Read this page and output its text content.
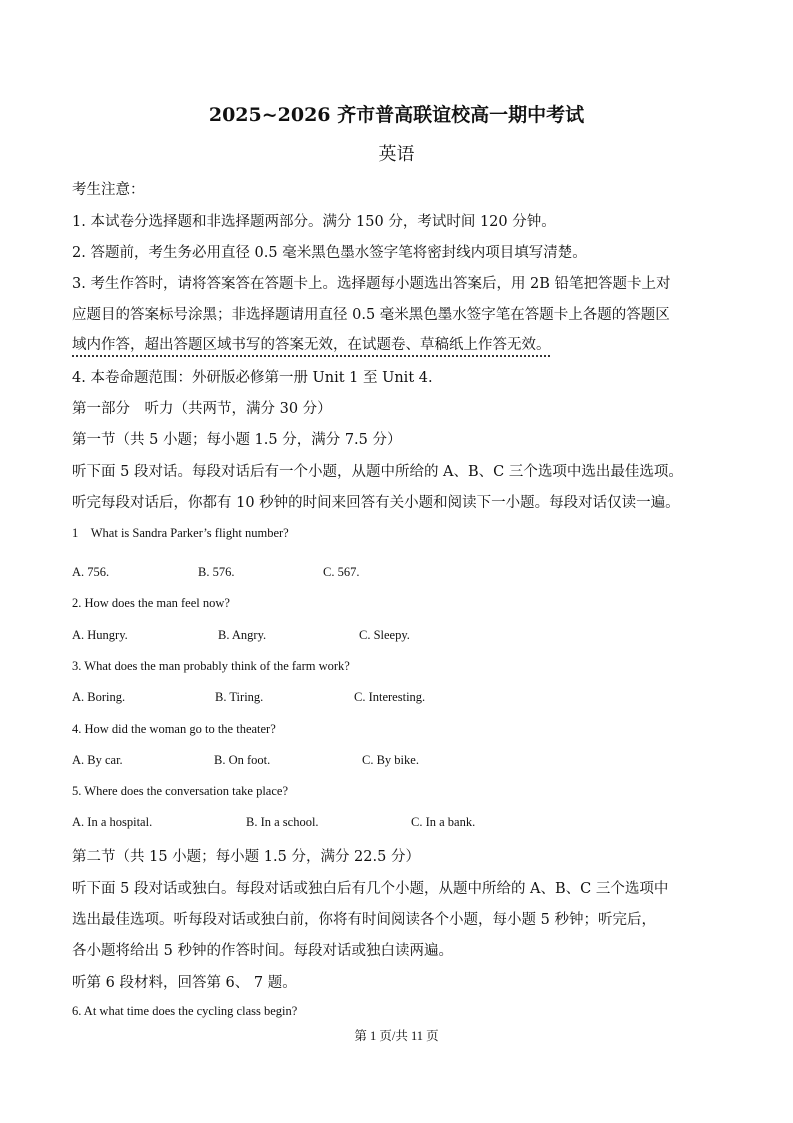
2025~2026 齐市普高联谊校高一期中考试
英语
考生注意：
1. 本试卷分选择题和非选择题两部分。满分 150 分，考试时间 120 分钟。
2. 答题前，考生务必用直径 0.5 毫米黑色墨水签字笔将密封线内项目填写清楚。
3. 考生作答时，请将答案答在答题卡上。选择题每小题选出答案后，用 2B 铅笔把答题卡上对
应题目的答案标号涂黑；非选择题请用直径 0.5 毫米黑色墨水签字笔在答题卡上各题的答题区
域内作答，超出答题区域书写的答案无效，在试题卷、草稿纸上作答无效。
4. 本卷命题范围：外研版必修第一册 Unit 1 至 Unit 4.
第一部分　听力（共两节，满分 30 分）
第一节（共 5 小题；每小题 1.5 分，满分 7.5 分）
听下面 5 段对话。每段对话后有一个小题，从题中所给的 A、B、C 三个选项中选出最佳选项。
听完每段对话后，你都有 10 秒钟的时间来回答有关小题和阅读下一小题。每段对话仅读一遍。
1　What is Sandra Parker’s flight number?
A. 756.	B. 576.	C. 567.
2. How does the man feel now?
A. Hungry.	B. Angry.	C. Sleepy.
3. What does the man probably think of the farm work?
A. Boring.	B. Tiring.	C. Interesting.
4. How did the woman go to the theater?
A. By car.	B. On foot.	C. By bike.
5. Where does the conversation take place?
A. In a hospital.	B. In a school.	C. In a bank.
第二节（共 15 小题；每小题 1.5 分，满分 22.5 分）
听下面 5 段对话或独白。每段对话或独白后有几个小题，从题中所给的 A、B、C 三个选项中
选出最佳选项。听每段对话或独白前，你将有时间阅读各个小题，每小题 5 秒钟；听完后，
各小题将给出 5 秒钟的作答时间。每段对话或独白读两遍。
听第 6 段材料，回答第 6、 7 题。
6. At what time does the cycling class begin?
第 1 页/共 11 页
